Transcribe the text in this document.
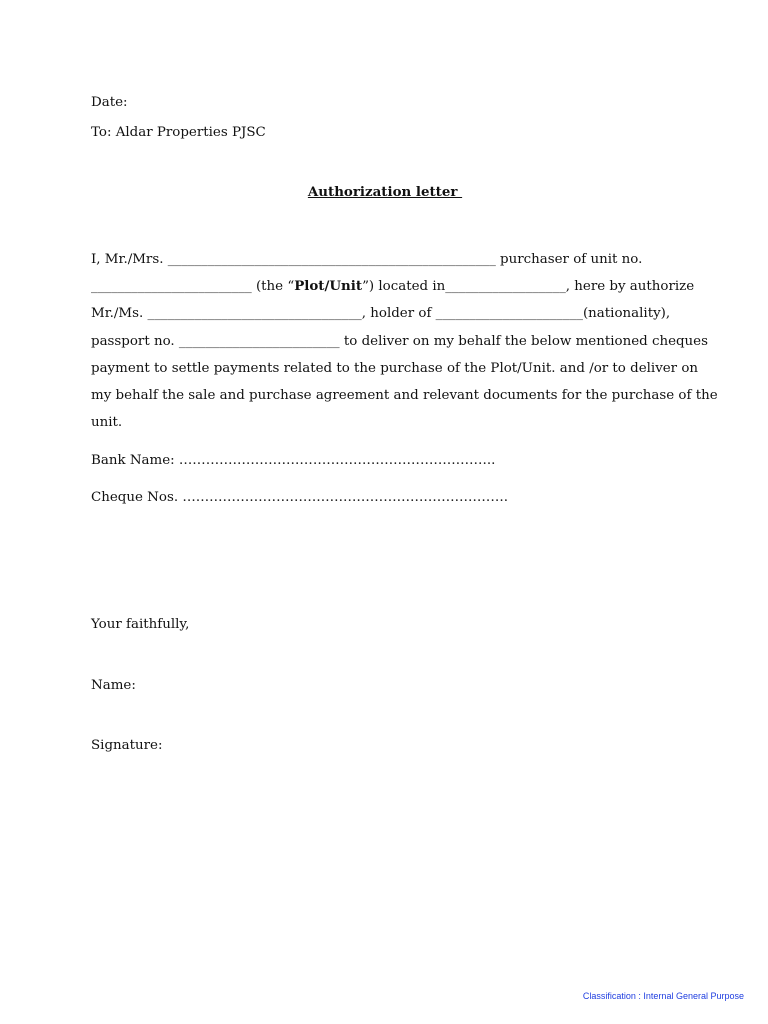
Date:
To: Aldar Properties PJSC
Authorization letter
I, Mr./Mrs. _________________________________________________ purchaser of unit no.
________________________ (the “Plot/Unit”) located in__________________, here by authorize
Mr./Ms. ________________________________, holder of ______________________(nationality),
passport no. ________________________ to deliver on my behalf the below mentioned cheques
payment to settle payments related to the purchase of the Plot/Unit. and /or to deliver on
my behalf the sale and purchase agreement and relevant documents for the purchase of the
unit.
Bank Name: ……………………………………………………………..
Cheque Nos. ……………………………………………………………….
Your faithfully,
Name:
Signature:
Classification : Internal General Purpose
